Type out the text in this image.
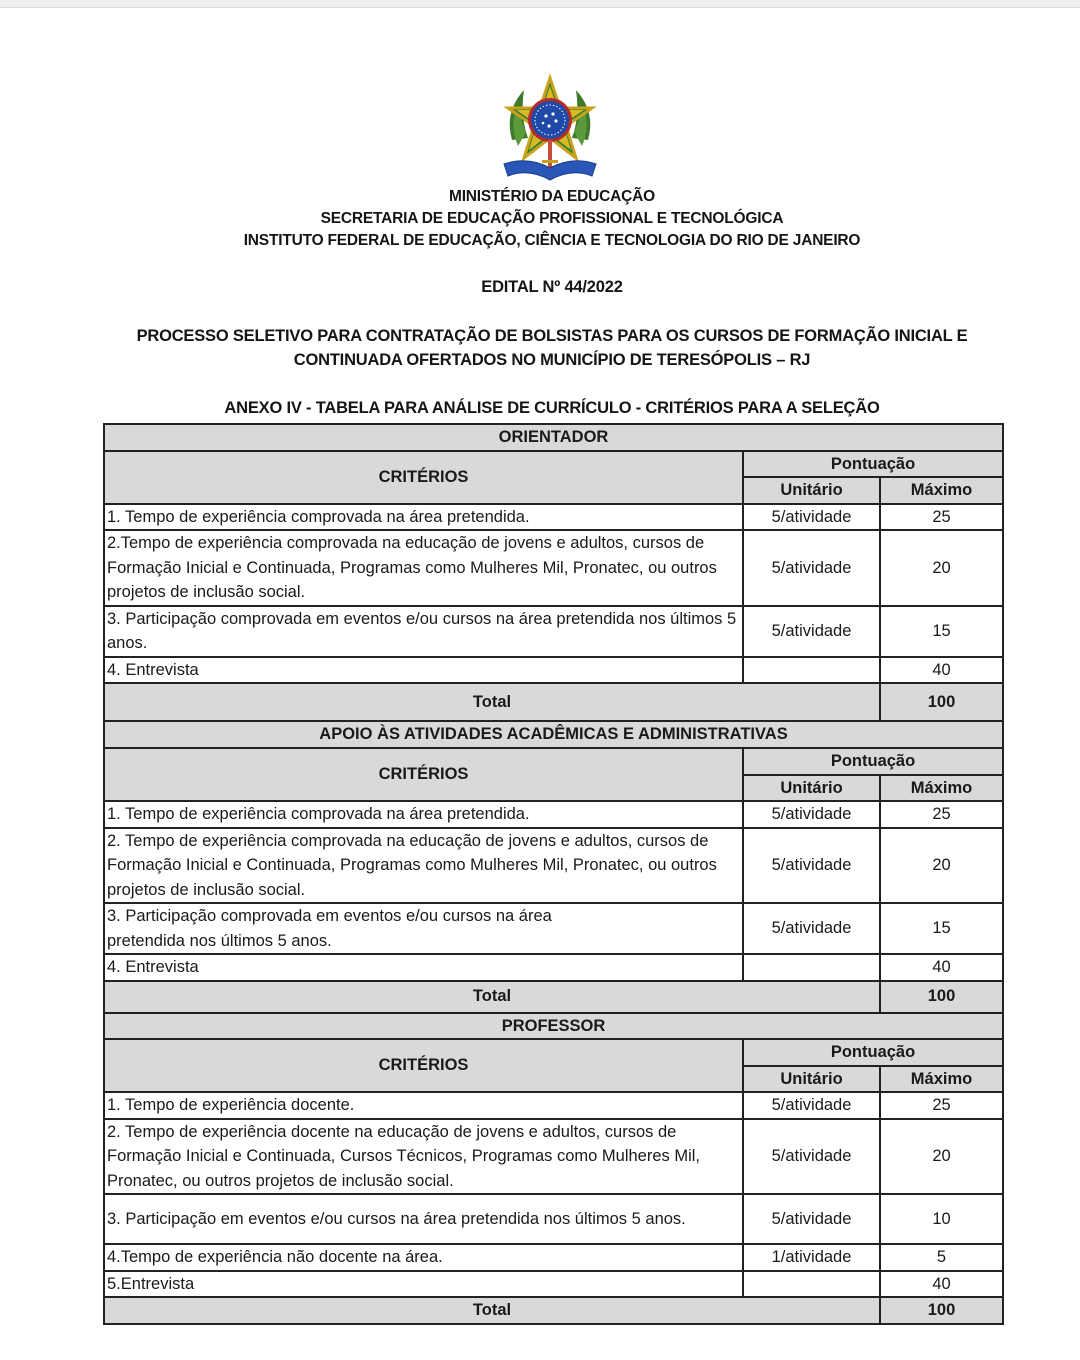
MINISTÉRIO DA EDUCAÇÃO
SECRETARIA DE EDUCAÇÃO PROFISSIONAL E TECNOLÓGICA
INSTITUTO FEDERAL DE EDUCAÇÃO, CIÊNCIA E TECNOLOGIA DO RIO DE JANEIRO
EDITAL Nº 44/2022
PROCESSO SELETIVO PARA CONTRATAÇÃO DE BOLSISTAS PARA OS CURSOS DE FORMAÇÃO INICIAL E
CONTINUADA OFERTADOS NO MUNICÍPIO DE TERESÓPOLIS – RJ
ANEXO IV - TABELA PARA ANÁLISE DE CURRÍCULO - CRITÉRIOS PARA A SELEÇÃO
ORIENTADOR		
CRITÉRIOS	Pontuação	
	Unitário	Máximo
1. Tempo de experiência comprovada na área pretendida.	5/atividade	25
2.Tempo de experiência comprovada na educação de jovens e adultos, cursos de Formação Inicial e Continuada, Programas como Mulheres Mil, Pronatec, ou outros projetos de inclusão social.	5/atividade	20
3. Participação comprovada em eventos e/ou cursos na área pretendida nos últimos 5 anos.	5/atividade	15
4. Entrevista		40
Total		100
APOIO ÀS ATIVIDADES ACADÊMICAS E ADMINISTRATIVAS		
CRITÉRIOS	Pontuação	
	Unitário	Máximo
1. Tempo de experiência comprovada na área pretendida.	5/atividade	25
2. Tempo de experiência comprovada na educação de jovens e adultos, cursos de Formação Inicial e Continuada, Programas como Mulheres Mil, Pronatec, ou outros projetos de inclusão social.	5/atividade	20
3. Participação comprovada em eventos e/ou cursos na área pretendida nos últimos 5 anos.	5/atividade	15
4. Entrevista		40
Total		100
PROFESSOR		
CRITÉRIOS	Pontuação	
	Unitário	Máximo
1. Tempo de experiência docente.	5/atividade	25
2. Tempo de experiência docente na educação de jovens e adultos, cursos de Formação Inicial e Continuada, Cursos Técnicos, Programas como Mulheres Mil, Pronatec, ou outros projetos de inclusão social.	5/atividade	20
3. Participação em eventos e/ou cursos na área pretendida nos últimos 5 anos.	5/atividade	10
4.Tempo de experiência não docente na área.	1/atividade	5
5.Entrevista		40
Total		100
